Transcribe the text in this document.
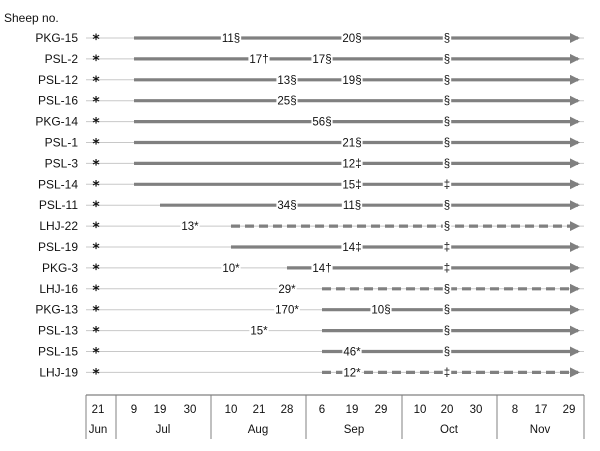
Sheep no.
PKG-15 *	11§	20§	§
PSL-2 *	17†	17§	§
PSL-12 *	13§	19§	§
PSL-16 *	25§	§
PKG-14 *	56§	§
PSL-1 *	21§	§
PSL-3 *	12‡	§
PSL-14 *	15‡	‡
PSL-11 *	34§	11§	§
LHJ-22 *	13*	§
PSL-19 *	14‡	‡
PKG-3 *	10*	14†	‡
LHJ-16 *	29*	§
PKG-13 *	170*	10§	§
PSL-13 *	15*	§
PSL-15 *	46*	§
LHJ-19 *	12*	‡
21 9 19 30 10 21 28 6 19 29 10 20 30	8 17 29
Jun	Jul	Aug	Sep	Oct	Nov
